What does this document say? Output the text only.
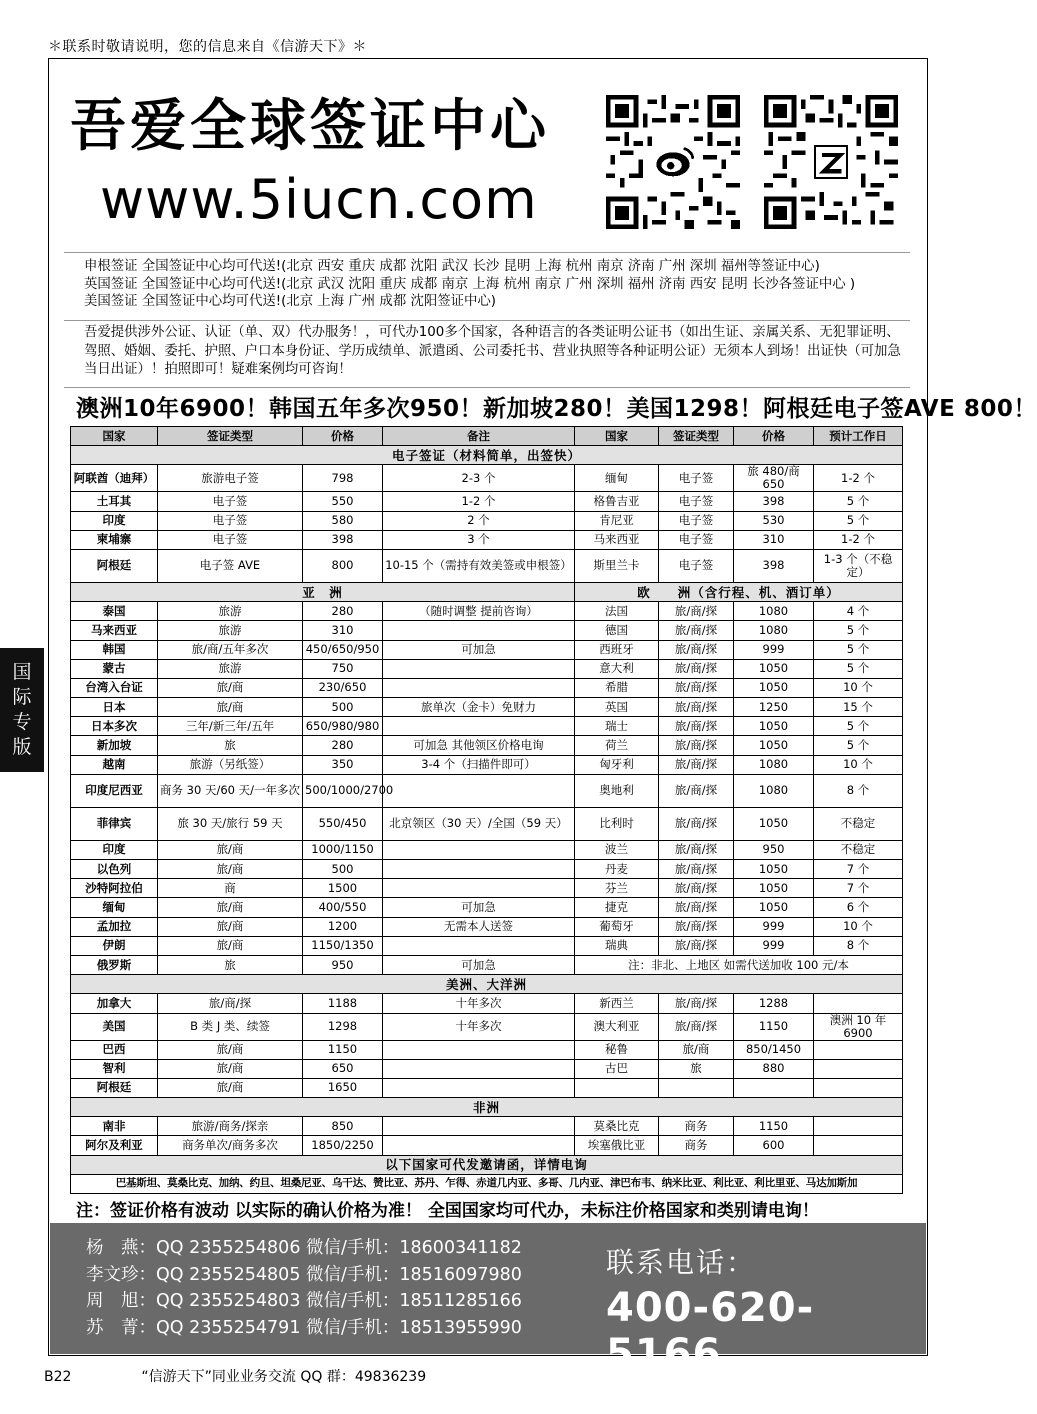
＊联系时敬请说明，您的信息来自《信游天下》＊
吾爱全球签证中心
www.5iucn.com
申根签证 全国签证中心均可代送!(北京 西安 重庆 成都 沈阳 武汉 长沙 昆明 上海 杭州 南京 济南 广州 深圳 福州等签证中心)
英国签证 全国签证中心均可代送!(北京 武汉 沈阳 重庆 成都 南京 上海 杭州 南京 广州 深圳 福州 济南 西安 昆明 长沙各签证中心 )
美国签证 全国签证中心均可代送!(北京 上海 广州 成都 沈阳签证中心)
吾爱提供涉外公证、认证（单、双）代办服务！，可代办100多个国家，各种语言的各类证明公证书（如出生证、亲属关系、无犯罪证明、驾照、婚姻、委托、护照、户口本身份证、学历成绩单、派遣函、公司委托书、营业执照等各种证明公证）无须本人到场！出证快（可加急当日出证）！拍照即可！疑难案例均可咨询！
澳洲10年6900！韩国五年多次950！新加坡280！美国1298！阿根廷电子签AVE 800！
国家	签证类型	价格	备注	国家	签证类型	价格	预计工作日
电子签证（材料简单，出签快）							
阿联酋（迪拜）	旅游电子签	798	2-3 个	缅甸	电子签	旅 480/商 650	1-2 个
土耳其	电子签	550	1-2 个	格鲁吉亚	电子签	398	5 个
印度	电子签	580	2 个	肯尼亚	电子签	530	5 个
柬埔寨	电子签	398	3 个	马来西亚	电子签	310	1-2 个
阿根廷	电子签 AVE	800	10-15 个（需持有效美签或申根签）	斯里兰卡	电子签	398	1-3 个（不稳定）
亚　洲				欧　　洲（含行程、机、酒订单）			
泰国	旅游	280	（随时调整 提前咨询）	法国	旅/商/探	1080	4 个
马来西亚	旅游	310		德国	旅/商/探	1080	5 个
韩国	旅/商/五年多次	450/650/950	可加急	西班牙	旅/商/探	999	5 个
蒙古	旅游	750		意大利	旅/商/探	1050	5 个
台湾入台证	旅/商	230/650		希腊	旅/商/探	1050	10 个
日本	旅/商	500	旅单次（金卡）免财力	英国	旅/商/探	1250	15 个
日本多次	三年/新三年/五年	650/980/980		瑞士	旅/商/探	1050	5 个
新加坡	旅	280	可加急 其他领区价格电询	荷兰	旅/商/探	1050	5 个
越南	旅游（另纸签）	350	3-4 个（扫描件即可）	匈牙利	旅/商/探	1080	10 个
印度尼西亚	商务 30 天/60 天/一年多次	500/1000/2700		奥地利	旅/商/探	1080	8 个
菲律宾	旅 30 天/旅行 59 天	550/450	北京领区（30 天）/全国（59 天）	比利时	旅/商/探	1050	不稳定
印度	旅/商	1000/1150		波兰	旅/商/探	950	不稳定
以色列	旅/商	500		丹麦	旅/商/探	1050	7 个
沙特阿拉伯	商	1500		芬兰	旅/商/探	1050	7 个
缅甸	旅/商	400/550	可加急	捷克	旅/商/探	1050	6 个
孟加拉	旅/商	1200	无需本人送签	葡萄牙	旅/商/探	999	10 个
伊朗	旅/商	1150/1350		瑞典	旅/商/探	999	8 个
俄罗斯	旅	950	可加急	注：非北、上地区 如需代送加收 100 元/本			
美洲、大洋洲							
加拿大	旅/商/探	1188	十年多次	新西兰	旅/商/探	1288	
美国	B 类 J 类、续签	1298	十年多次	澳大利亚	旅/商/探	1150	澳洲 10 年 6900
巴西	旅/商	1150		秘鲁	旅/商	850/1450	
智利	旅/商	650		古巴	旅	880	
阿根廷	旅/商	1650					
非洲							
南非	旅游/商务/探亲	850		莫桑比克	商务	1150	
阿尔及利亚	商务单次/商务多次	1850/2250		埃塞俄比亚	商务	600	
以下国家可代发邀请函，详情电询							
巴基斯坦、莫桑比克、加纳、约旦、坦桑尼亚、乌干达、赞比亚、苏丹、乍得、赤道几内亚、多哥、几内亚、津巴布韦、纳米比亚、利比亚、利比里亚、马达加斯加							
注：签证价格有波动 以实际的确认价格为准！ 全国国家均可代办，未标注价格国家和类别请电询！
杨　燕：QQ 2355254806 微信/手机：18600341182
李文珍：QQ 2355254805 微信/手机：18516097980
周　旭：QQ 2355254803 微信/手机：18511285166
苏　菁：QQ 2355254791 微信/手机：18513955990
联系电话：
400-620-5166
B22	“信游天下”同业业务交流 QQ 群：49836239
国
际
专
版
